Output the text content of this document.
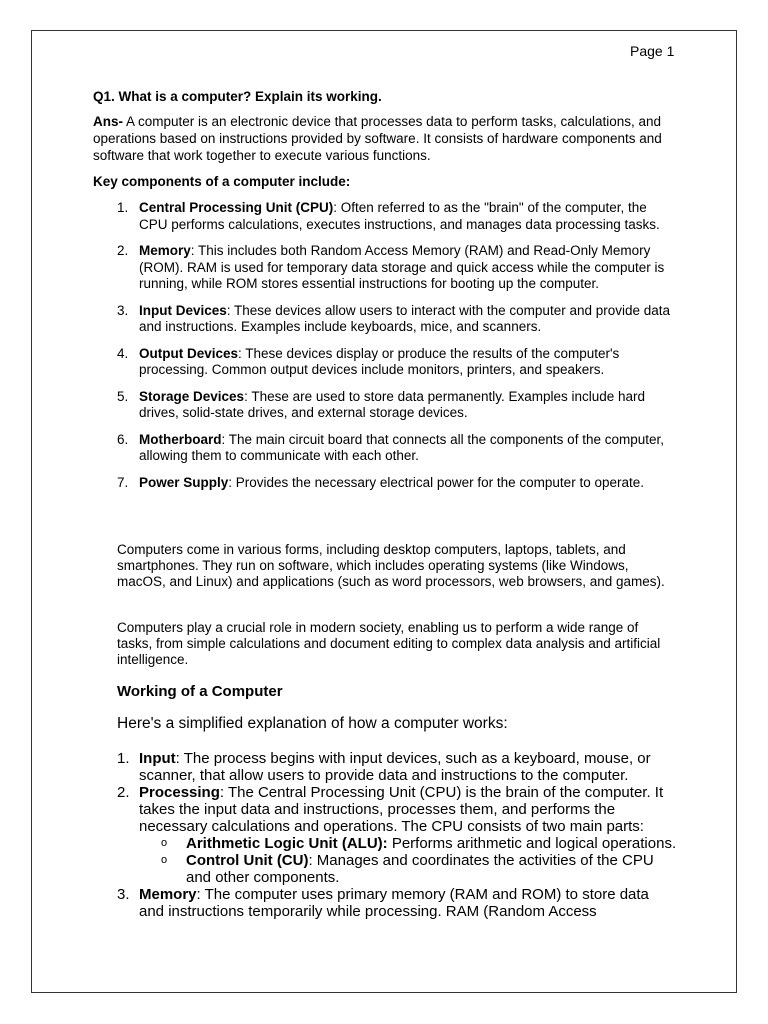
Page 1
Q1. What is a computer? Explain its working.
Ans- A computer is an electronic device that processes data to perform tasks, calculations, and operations based on instructions provided by software. It consists of hardware components and software that work together to execute various functions.
Key components of a computer include:
1. Central Processing Unit (CPU): Often referred to as the "brain" of the computer, the CPU performs calculations, executes instructions, and manages data processing tasks.
2. Memory: This includes both Random Access Memory (RAM) and Read-Only Memory (ROM). RAM is used for temporary data storage and quick access while the computer is running, while ROM stores essential instructions for booting up the computer.
3. Input Devices: These devices allow users to interact with the computer and provide data and instructions. Examples include keyboards, mice, and scanners.
4. Output Devices: These devices display or produce the results of the computer's processing. Common output devices include monitors, printers, and speakers.
5. Storage Devices: These are used to store data permanently. Examples include hard drives, solid-state drives, and external storage devices.
6. Motherboard: The main circuit board that connects all the components of the computer, allowing them to communicate with each other.
7. Power Supply: Provides the necessary electrical power for the computer to operate.
Computers come in various forms, including desktop computers, laptops, tablets, and smartphones. They run on software, which includes operating systems (like Windows, macOS, and Linux) and applications (such as word processors, web browsers, and games).
Computers play a crucial role in modern society, enabling us to perform a wide range of tasks, from simple calculations and document editing to complex data analysis and artificial intelligence.
Working of a Computer
Here's a simplified explanation of how a computer works:
1. Input: The process begins with input devices, such as a keyboard, mouse, or scanner, that allow users to provide data and instructions to the computer.
2. Processing: The Central Processing Unit (CPU) is the brain of the computer. It takes the input data and instructions, processes them, and performs the necessary calculations and operations. The CPU consists of two main parts:
o Arithmetic Logic Unit (ALU): Performs arithmetic and logical operations.
o Control Unit (CU): Manages and coordinates the activities of the CPU and other components.
3. Memory: The computer uses primary memory (RAM and ROM) to store data and instructions temporarily while processing. RAM (Random Access
